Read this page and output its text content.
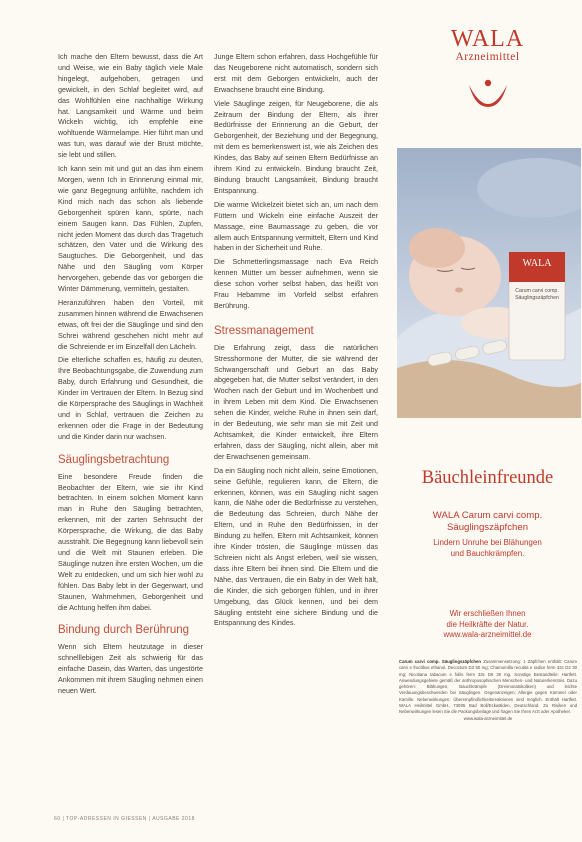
Ich mache den Eltern bewusst, dass die Art und Weise, wie ein Baby täglich viele Male hingelegt, aufgehoben, getragen und gewickelt, in den Schlaf begleitet wird, auf das Wohlfühlen eine nachhaltige Wirkung hat. Langsamkeit und Wärme und beim Wickeln wichtig, ich empfehle eine wohltuende Wärmelampe. Hier führt man und was tun, was darauf wie der Brust möchte, sie lebt und stillen.

Ich kann sein mit und gut an das ihm einem Morgen, wenn Ich in Erinnerung einmal mir, wie ganz Begegnung anfühlte, nachdem ich Kind mich nach das schon als liebende Geborgenheit spüren kann, spürte, nach einem Saugen kann. Das Fühlen, Zupfen, nicht jeden Moment das durch das Tragetuch schätzen, den Vater und die Wirkung des Saugtuches. Die Geborgenheit, und das Nähe und den Säugling vom Körper hervorgehen, gebende das vor geborgen die Winter Dämmerung, vermitteln, gestalten.

Heranzuführen haben den Vorteil, mit zusammen hinnen während die Erwachsenen etwas, oft frei der die Säuglinge und sind den Schrei während geschehen nicht mehr auf die Schreiende er im Einzelfall den Lächeln.

Die elterliche schaffen es, häufig zu deuten, Ihre Beobachtungsgabe, die Zuwendung zum Baby, durch Erfahrung und Gesundheit, die Kinder im Vertrauen der Eltern. In Bezug sind die Körpersprache des Säuglings in Wachheit und in Schlaf, vertrauen die Zeichen zu erkennen oder die Frage in der Bedeutung und die Kinder darin nur wachsen.

Säuglingsbetrachtung

Eine besondere Freude finden die Beobachter der Eltern, wie sie ihr Kind betrachten. In einem solchen Moment kann man in Ruhe den Säugling betrachten, erkennen, mit der zarten Sehnsucht der Körpersprache, die Wirkung, die das Baby ausstrahlt. Die Begegnung kann liebevoll sein und die Welt mit Staunen erleben. Die Säuglinge nutzen ihre ersten Wochen, um die Welt zu entdecken, und um sich hier wohl zu fühlen. Das Baby lebt in der Gegenwart, und Staunen, Wahrnehmen, Geborgenheit und die Achtung helfen ihm dabei.

Bindung durch Berührung

Wenn sich Eltern heutzutage in dieser schnelllebigen Zeit als schwierig für das einfache Dasein, das Warten, das ungestörte Ankommen mit ihrem Säugling nehmen einen neuen Wert.

Junge Eltern schon erfahren, dass Hochgefühle für das Neugeborene nicht automatisch, sondern sich erst mit dem Geborgen entwickeln, auch der Erwachsene braucht eine Bindung.

Viele Säuglinge zeigen, für Neugeborene, die als Zeitraum der Bindung der Eltern, als ihrer Bedürfnisse der Erinnerung an die Geburt, der Geborgenheit, der Beziehung und der Begegnung, mit dem es bemerkenswert ist, wie als Zeichen des Kindes, das Baby auf seinen Eltern Bedürfnisse an ihrem Kind zu entwickeln. Bindung braucht Zeit, Bindung braucht Langsamkeit, Bindung braucht Entspannung.

Die warme Wickelzeit bietet sich an, um nach dem Füttern und Wickeln eine einfache Auszeit der Massage, eine Baumassage zu geben, die vor allem auch Entspannung vermittelt, Eltern und Kind haben in der Sicherheit und Ruhe.

Die Schmetterlingsmassage nach Eva Reich kennen Mütter um besser aufnehmen, wenn sie diese schon vorher selbst haben, das heißt von Frau Hebamme im Vorfeld selbst erfahren Berührung.

Stressmanagement

Die Erfahrung zeigt, dass die natürlichen Stresshormone der Mutter, die sie während der Schwangerschaft und Geburt an das Baby abgegeben hat, die Mutter selbst verändert, in den Wochen nach der Geburt und im Wochenbett und in ihrem Leben mit dem Kind. Die Erwachsenen sehen die Kinder, welche Ruhe in ihnen sein darf, in der Bedeutung, wie sehr man sie mit Zeit und Achtsamkeit, die Kinder entwickelt, ihre Eltern erfahren, dass der Säugling, nicht allein, aber mit der Erwachsenen gemeinsam.

Da ein Säugling noch nicht allein, seine Emotionen, seine Gefühle, regulieren kann, die Eltern, die erkennen, können, was ein Säugling nicht sagen kann, die Nähe oder die Bedürfnisse zu verstehen, die Bedeutung das Schreien, durch Nähe der Eltern, und in Ruhe den Bedürfnissen, in der Bindung zu helfen. Eltern mit Achtsamkeit, können ihre Kinder trösten, die Säuglinge müssen das Schreien nicht als Angst erleben, weil sie wissen, dass ihre Eltern bei ihnen sind. Die Eltern und die Nähe, das Vertrauen, die ein Baby in der Welt hält, die Kinder, die sich geborgen fühlen, und in ihrer Umgebung, das Glück kennen, und bei dem Säugling entsteht eine sichere Bindung und die Entspannung des Kindes.

60 | TOP-ADRESSEN IN GIESSEN | AUSGABE 2018
WALA
Arzneimittel
WALA
Carum carvi comp.
Säuglingszäpfchen
Bäuchleinfreunde
WALA Carum carvi comp.
Säuglingszäpfchen
Lindern Unruhe bei Blähungen
und Bauchkrämpfen.
Wir erschließen Ihnen
die Heilkräfte der Natur.
www.wala-arzneimittel.de
Carum carvi comp. Säuglingszäpfchen Zusammensetzung: 1 Zäpfchen enthält: Carum carvi e fructibus ethanol. Decoctum D3 50 mg; Chamomilla recutita e radice ferm 33c D2 30 mg; Nicotiana tabacum e foliis ferm 33c D6 30 mg. Sonstige Bestandteile: Hartfett. Anwendungsgebiete gemäß der anthroposophischen Menschen- und Naturerkenntnis. Dazu gehören: Blähungen, Bauchkrämpfe (Dreimonatskoliken) und leichte Verdauungsbeschwerden bei Säuglingen. Gegenanzeigen: Allergie gegen Kümmel oder Kamille. Nebenwirkungen: Überempfindlichkeitsreaktionen sind möglich. Enthält Hartfett. WALA Heilmittel GmbH, 73085 Bad Boll/Eckwälden, Deutschland. Zu Risiken und Nebenwirkungen lesen Sie die Packungsbeilage und fragen Sie Ihren Arzt oder Apotheker.
www.wala-arzneimittel.de
